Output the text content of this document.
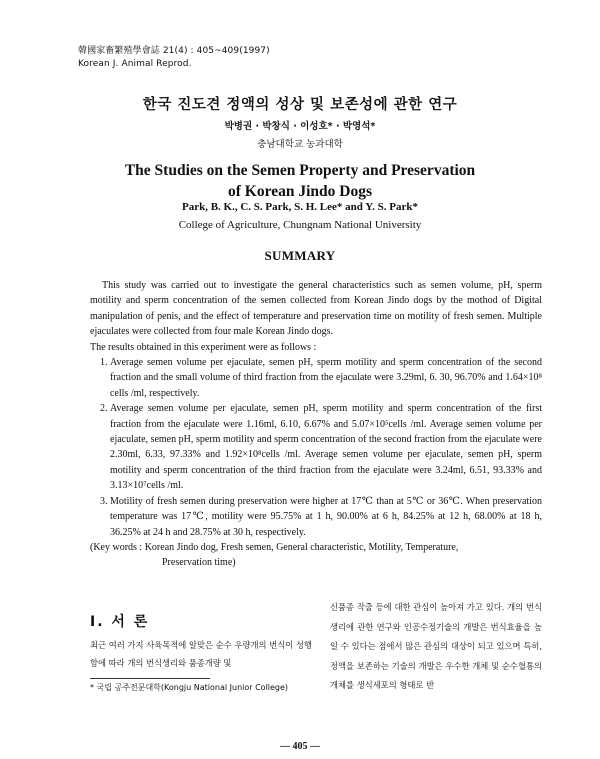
韓國家畜繁殖學會誌 21(4) : 405~409(1997)
Korean J. Animal Reprod.
한국 진도견 정액의 성상 및 보존성에 관한 연구
박병권 · 박창식 · 이성호* · 박영석*
충남대학교 농과대학
The Studies on the Semen Property and Preservation
of Korean Jindo Dogs
Park, B. K., C. S. Park, S. H. Lee* and Y. S. Park*
College of Agriculture, Chungnam National University
SUMMARY

This study was carried out to investigate the general characteristics such as semen volume, pH, sperm motility and sperm concentration of the semen collected from Korean Jindo dogs by the mothod of Digital manipulation of penis, and the effect of temperature and preservation time on motility of fresh semen. Multiple ejaculates were collected from four male Korean Jindo dogs.

The results obtained in this experiment were as follows :

1. Average semen volume per ejaculate, semen pH, sperm motility and sperm concentration of the second fraction and the small volume of third fraction from the ejaculate were 3.29ml, 6. 30, 96.70% and 1.64×10⁸ cells /ml, respectively.
2. Average semen volume per ejaculate, semen pH, sperm motility and sperm concentration of the first fraction from the ejaculate were 1.16ml, 6.10, 6.67% and 5.07×10⁵cells /ml. Average semen volume per ejaculate, semen pH, sperm motility and sperm concentration of the second fraction from the ejaculate were 2.30ml, 6.33, 97.33% and 1.92×10⁸cells /ml. Average semen volume per ejaculate, semen pH, sperm motility and sperm concentration of the third fraction from the ejaculate were 3.24ml, 6.51, 93.33% and 3.13×10⁷cells /ml.
3. Motility of fresh semen during preservation were higher at 17℃ than at 5℃ or 36℃. When preservation temperature was 17℃, motility were 95.75% at 1 h, 90.00% at 6 h, 84.25% at 12 h, 68.00% at 18 h, 36.25% at 24 h and 28.75% at 30 h, respectively.

(Key words : Korean Jindo dog, Fresh semen, General characteristic, Motility, Temperature,

Preservation time)

Ⅰ. 서 론

최근 여러 가지 사육목적에 알맞은 순수 우량개의 번식이 성행함에 따라 개의 번식생리와 품종개량 및

신품종 작출 등에 대한 관심이 높아져 가고 있다. 개의 번식생리에 관한 연구와 인공수정기술의 개발은 번식효율을 높일 수 있다는 점에서 많은 관심의 대상이 되고 있으며 특히, 정액을 보존하는 기술의 개발은 우수한 개체 및 순수혈통의 개체를 생식세포의 형태로 반

* 국립 공주전문대학(Kongju National Junior College)
— 405 —
